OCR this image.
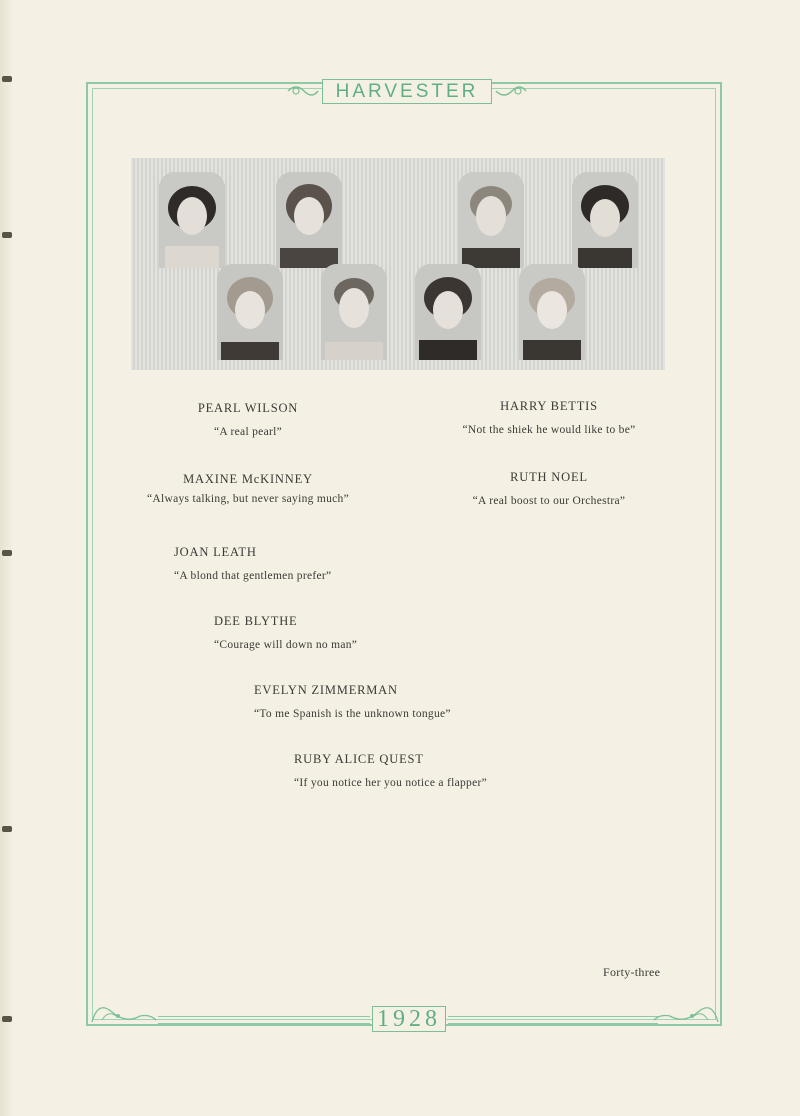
HARVESTER
PEARL WILSON
“A real pearl”
HARRY BETTIS
“Not the shiek he would like to be”
MAXINE McKINNEY
“Always talking, but never saying much”
RUTH NOEL
“A real boost to our Orchestra”
JOAN LEATH
“A blond that gentlemen prefer”
DEE BLYTHE
“Courage will down no man”
EVELYN ZIMMERMAN
“To me Spanish is the unknown tongue”
RUBY ALICE QUEST
“If you notice her you notice a flapper”
Forty-three
1928
